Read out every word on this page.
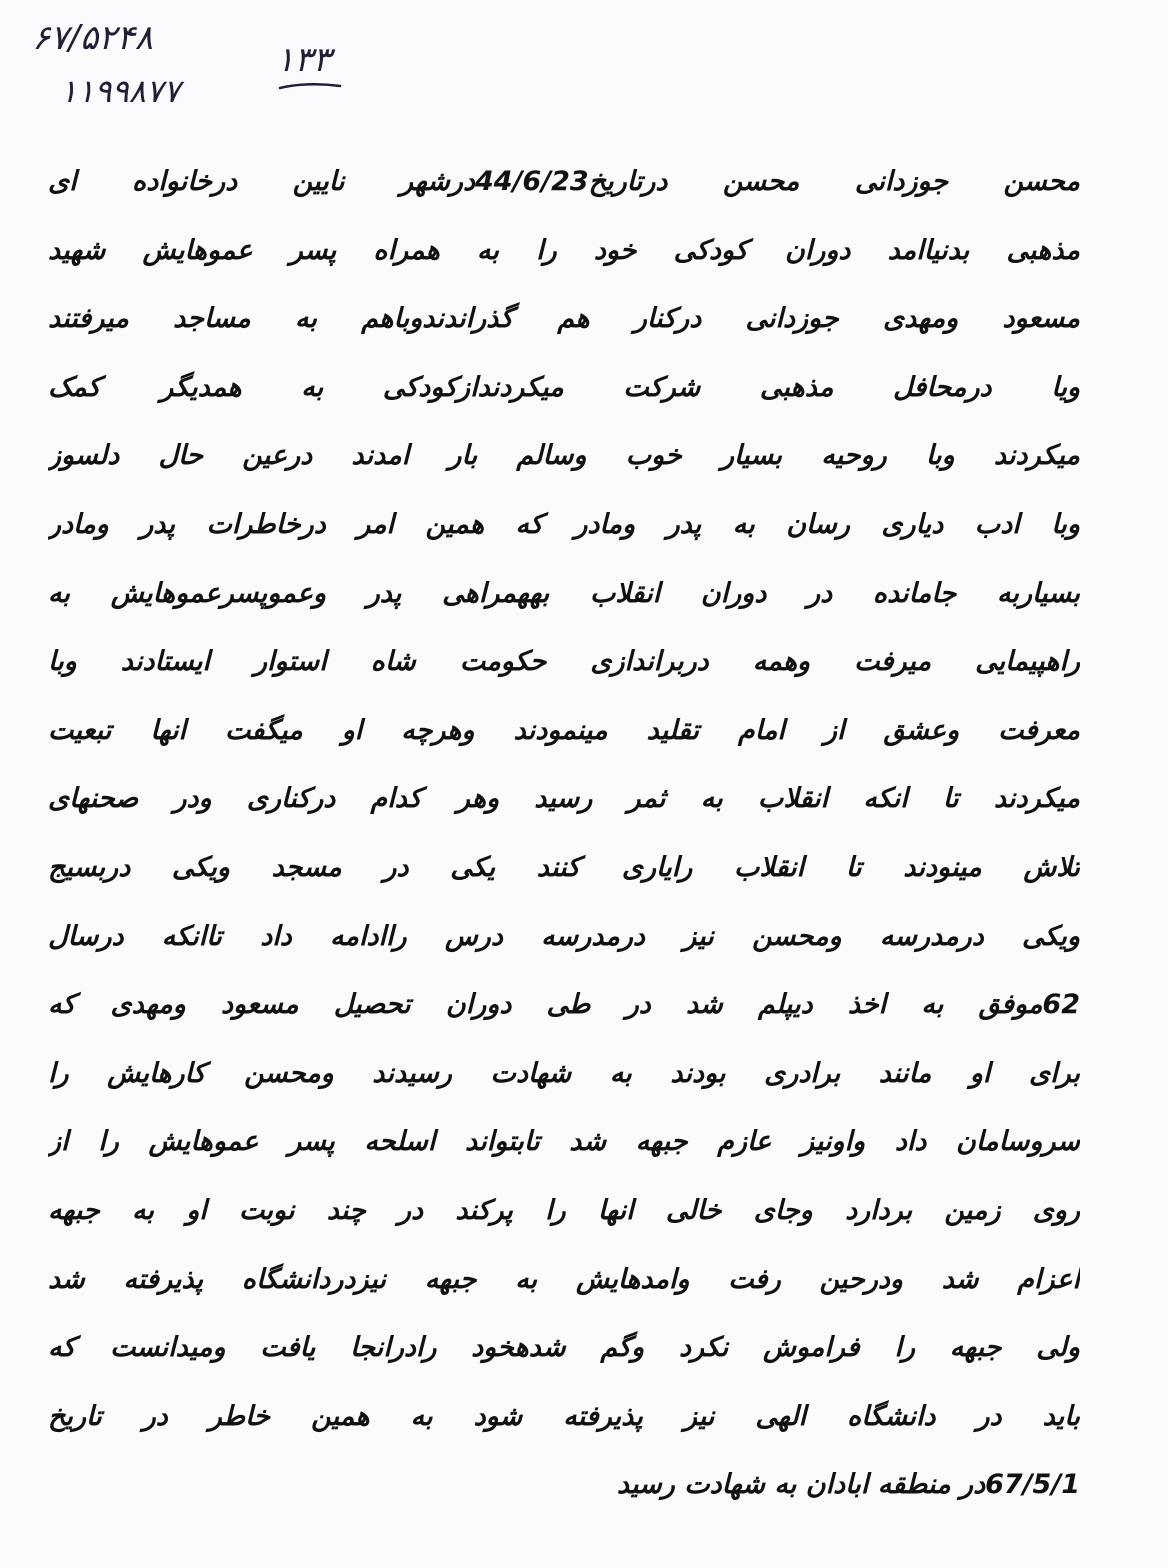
۶۷/۵۲۴۸
۱۱۹۹۸۷۷
۱۳۳
محسن جوزدانی محسن درتاریخ44/6/23درشهر نایین درخانواده ای
مذهبی بدنیاامد دوران کودکی خود را به همراه پسر عموهایش شهید
مسعود ومهدی جوزدانی درکنار هم گذراندندوباهم به مساجد میرفتند
ویا درمحافل مذهبی شرکت میکردندازکودکی به همدیگر کمک
میکردند وبا روحیه بسیار خوب وسالم بار امدند درعین حال دلسوز
وبا ادب دیاری رسان به پدر ومادر که همین امر درخاطرات پدر ومادر
بسیاربه جامانده در دوران انقلاب بههمراهی پدر وعموپسرعموهایش به
راهپیمایی میرفت وهمه دربراندازی حکومت شاه استوار ایستادند وبا
معرفت وعشق از امام تقلید مینمودند وهرچه او میگفت انها تبعیت
میکردند تا انکه انقلاب به ثمر رسید وهر کدام درکناری ودر صحنهای
تلاش مینودند تا انقلاب رایاری کنند یکی در مسجد ویکی دربسیج
ویکی درمدرسه ومحسن نیز درمدرسه درس راادامه داد تاانکه درسال
62موفق به اخذ دیپلم شد در طی دوران تحصیل مسعود ومهدی که
برای او مانند برادری بودند به شهادت رسیدند ومحسن کارهایش را
سروسامان داد واونیز عازم جبهه شد تابتواند اسلحه پسر عموهایش را از
روی زمین بردارد وجای خالی انها را پرکند در چند نوبت او به جبهه
اعزام شد ودرحین رفت وامدهایش به جبهه نیزدردانشگاه پذیرفته شد
ولی جبهه را فراموش نکرد وگم شدهخود رادرانجا یافت ومیدانست که
باید در دانشگاه الهی نیز پذیرفته شود به همین خاطر در تاریخ
67/5/1در منطقه ابادان به شهادت رسید
